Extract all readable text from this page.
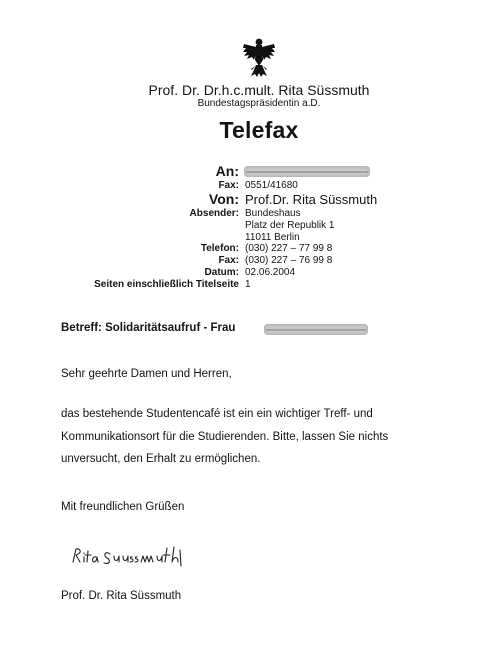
Prof. Dr. Dr.h.c.mult. Rita Süssmuth
Bundestagspräsidentin a.D.
Telefax
An:
Fax: 0551/41680
Von: Prof.Dr. Rita Süssmuth
Absender: Bundeshaus
Platz der Republik 1
11011 Berlin
Telefon: (030) 227 – 77 99 8
Fax: (030) 227 – 76 99 8
Datum: 02.06.2004
Seiten einschließlich Titelseite 1
Betreff: Solidaritätsaufruf - Frau
Sehr geehrte Damen und Herren,
das bestehende Studentencafé ist ein ein wichtiger Treff- und
Kommunikationsort für die Studierenden. Bitte, lassen Sie nichts
unversucht, den Erhalt zu ermöglichen.
Mit freundlichen Grüßen
Prof. Dr. Rita Süssmuth
